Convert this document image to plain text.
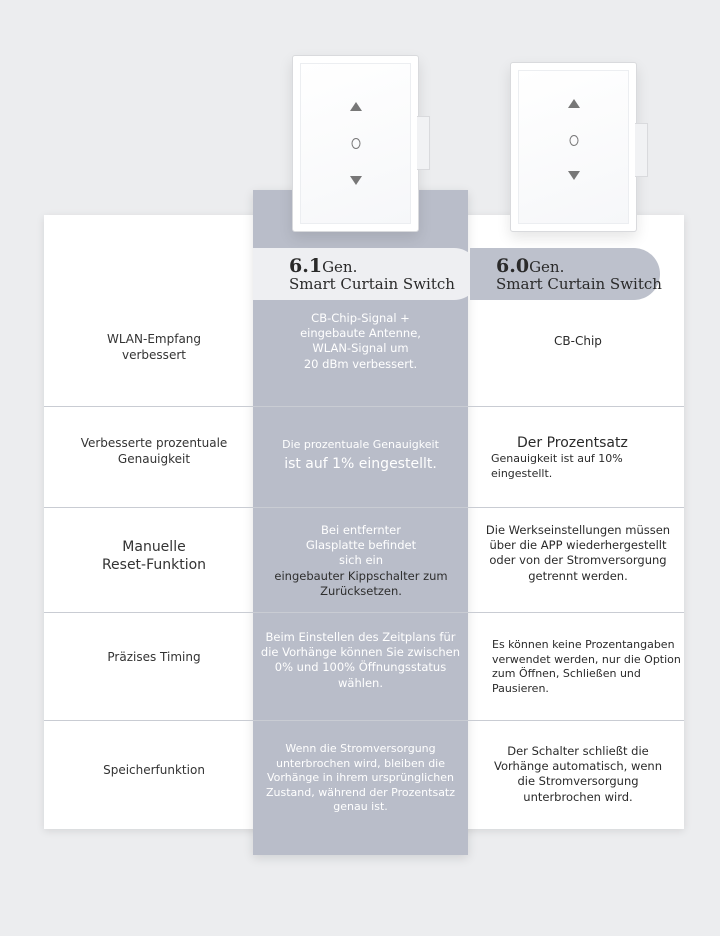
6.1Gen.
Smart Curtain Switch
6.0Gen.
Smart Curtain Switch
WLAN-Empfang
verbessert
CB-Chip-Signal +
eingebaute Antenne,
WLAN-Signal um
20 dBm verbessert.
CB-Chip
Verbesserte prozentuale
Genauigkeit
Die prozentuale Genauigkeit
ist auf 1% eingestellt.
Der Prozentsatz
Genauigkeit ist auf 10%
eingestellt.
Manuelle
Reset-Funktion
Bei entfernter
Glasplatte befindet
sich ein
eingebauter Kippschalter zum Zurücksetzen.
Die Werkseinstellungen müssen
über die APP wiederhergestellt
oder von der Stromversorgung
getrennt werden.
Präzises Timing
Beim Einstellen des Zeitplans für
die Vorhänge können Sie zwischen
0% und 100% Öffnungsstatus
wählen.
Es können keine Prozentangaben
verwendet werden, nur die Option
zum Öffnen, Schließen und
Pausieren.
Speicherfunktion
Wenn die Stromversorgung
unterbrochen wird, bleiben die
Vorhänge in ihrem ursprünglichen
Zustand, während der Prozentsatz
genau ist.
Der Schalter schließt die
Vorhänge automatisch, wenn
die Stromversorgung
unterbrochen wird.
